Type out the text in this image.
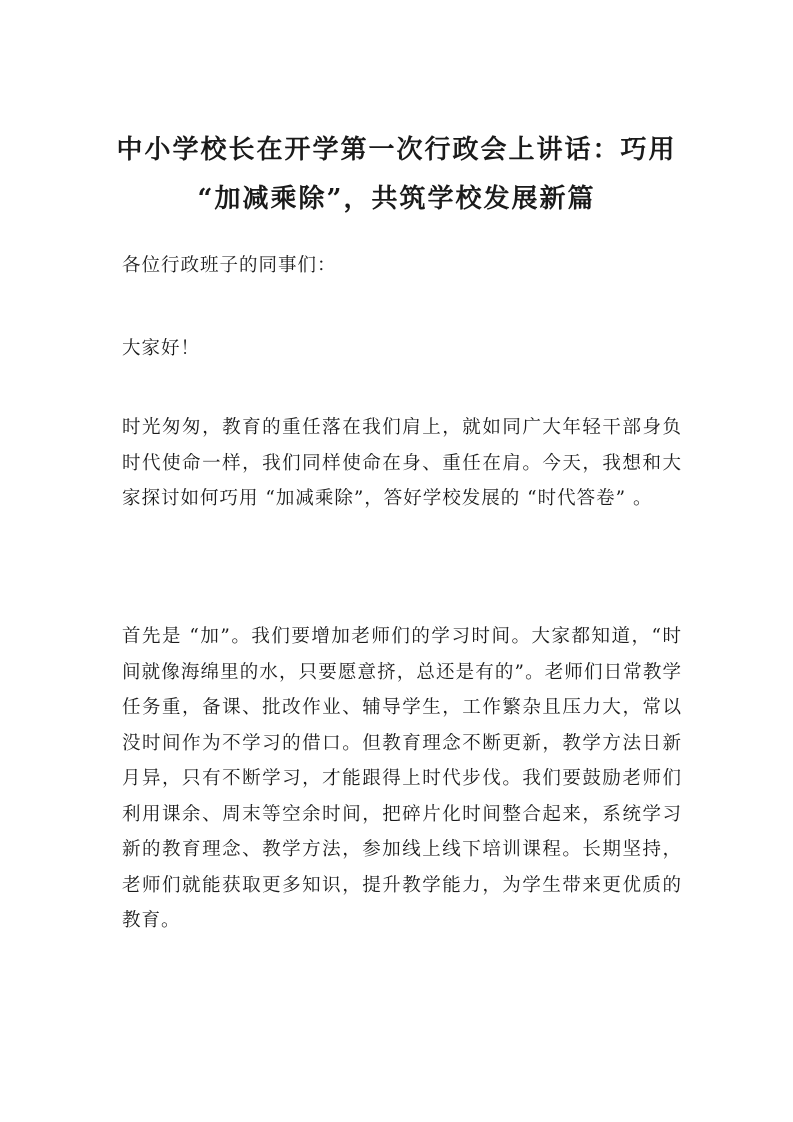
中小学校长在开学第一次行政会上讲话：巧用 “加减乘除”，共筑学校发展新篇

各位行政班子的同事们：

大家好！

时光匆匆，教育的重任落在我们肩上，就如同广大年轻干部身负时代使命一样，我们同样使命在身、重任在肩。今天，我想和大家探讨如何巧用 “加减乘除”，答好学校发展的 “时代答卷” 。

首先是 “加”。我们要增加老师们的学习时间。大家都知道，“时间就像海绵里的水，只要愿意挤，总还是有的”。老师们日常教学任务重，备课、批改作业、辅导学生，工作繁杂且压力大，常以没时间作为不学习的借口。但教育理念不断更新，教学方法日新月异，只有不断学习，才能跟得上时代步伐。我们要鼓励老师们利用课余、周末等空余时间，把碎片化时间整合起来，系统学习新的教育理念、教学方法，参加线上线下培训课程。长期坚持，老师们就能获取更多知识，提升教学能力，为学生带来更优质的教育。
